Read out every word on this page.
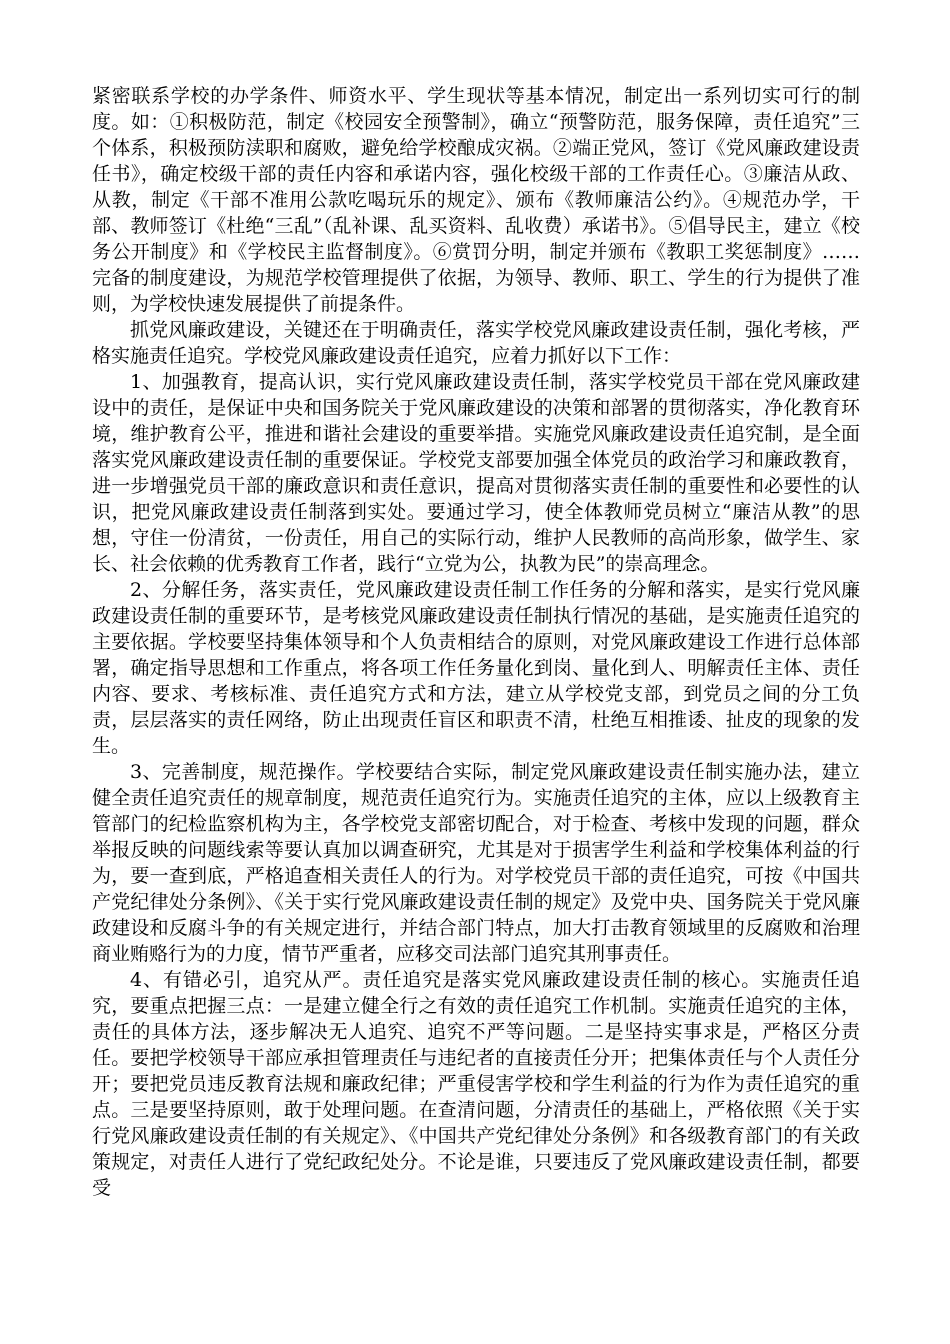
紧密联系学校的办学条件、师资水平、学生现状等基本情况，制定出一系列切实可行的制度。如：①积极防范，制定《校园安全预警制》，确立“预警防范，服务保障，责任追究”三个体系，积极预防渎职和腐败，避免给学校酿成灾祸。②端正党风，签订《党风廉政建设责任书》，确定校级干部的责任内容和承诺内容，强化校级干部的工作责任心。③廉洁从政、从教，制定《干部不准用公款吃喝玩乐的规定》、颁布《教师廉洁公约》。④规范办学，干部、教师签订《杜绝“三乱”（乱补课、乱买资料、乱收费）承诺书》。⑤倡导民主，建立《校务公开制度》和《学校民主监督制度》。⑥赏罚分明，制定并颁布《教职工奖惩制度》……完备的制度建设，为规范学校管理提供了依据，为领导、教师、职工、学生的行为提供了准则，为学校快速发展提供了前提条件。

抓党风廉政建设，关键还在于明确责任，落实学校党风廉政建设责任制，强化考核，严格实施责任追究。学校党风廉政建设责任追究，应着力抓好以下工作：

1、加强教育，提高认识，实行党风廉政建设责任制，落实学校党员干部在党风廉政建设中的责任，是保证中央和国务院关于党风廉政建设的决策和部署的贯彻落实，净化教育环境，维护教育公平，推进和谐社会建设的重要举措。实施党风廉政建设责任追究制，是全面落实党风廉政建设责任制的重要保证。学校党支部要加强全体党员的政治学习和廉政教育，进一步增强党员干部的廉政意识和责任意识，提高对贯彻落实责任制的重要性和必要性的认识，把党风廉政建设责任制落到实处。要通过学习，使全体教师党员树立“廉洁从教”的思想，守住一份清贫，一份责任，用自己的实际行动，维护人民教师的高尚形象，做学生、家长、社会依赖的优秀教育工作者，践行“立党为公，执教为民”的崇高理念。

2、分解任务，落实责任，党风廉政建设责任制工作任务的分解和落实，是实行党风廉政建设责任制的重要环节，是考核党风廉政建设责任制执行情况的基础，是实施责任追究的主要依据。学校要坚持集体领导和个人负责相结合的原则，对党风廉政建设工作进行总体部署，确定指导思想和工作重点，将各项工作任务量化到岗、量化到人、明解责任主体、责任内容、要求、考核标准、责任追究方式和方法，建立从学校党支部，到党员之间的分工负责，层层落实的责任网络，防止出现责任盲区和职责不清，杜绝互相推诿、扯皮的现象的发生。

3、完善制度，规范操作。学校要结合实际，制定党风廉政建设责任制实施办法，建立健全责任追究责任的规章制度，规范责任追究行为。实施责任追究的主体，应以上级教育主管部门的纪检监察机构为主，各学校党支部密切配合，对于检查、考核中发现的问题，群众举报反映的问题线索等要认真加以调查研究，尤其是对于损害学生利益和学校集体利益的行为，要一查到底，严格追查相关责任人的行为。对学校党员干部的责任追究，可按《中国共产党纪律处分条例》、《关于实行党风廉政建设责任制的规定》及党中央、国务院关于党风廉政建设和反腐斗争的有关规定进行，并结合部门特点，加大打击教育领域里的反腐败和治理商业贿赂行为的力度，情节严重者，应移交司法部门追究其刑事责任。

4、有错必引，追究从严。责任追究是落实党风廉政建设责任制的核心。实施责任追究，要重点把握三点：一是建立健全行之有效的责任追究工作机制。实施责任追究的主体，责任的具体方法，逐步解决无人追究、追究不严等问题。二是坚持实事求是，严格区分责任。要把学校领导干部应承担管理责任与违纪者的直接责任分开；把集体责任与个人责任分开；要把党员违反教育法规和廉政纪律；严重侵害学校和学生利益的行为作为责任追究的重点。三是要坚持原则，敢于处理问题。在查清问题，分清责任的基础上，严格依照《关于实行党风廉政建设责任制的有关规定》、《中国共产党纪律处分条例》和各级教育部门的有关政策规定，对责任人进行了党纪政纪处分。不论是谁，只要违反了党风廉政建设责任制，都要受
